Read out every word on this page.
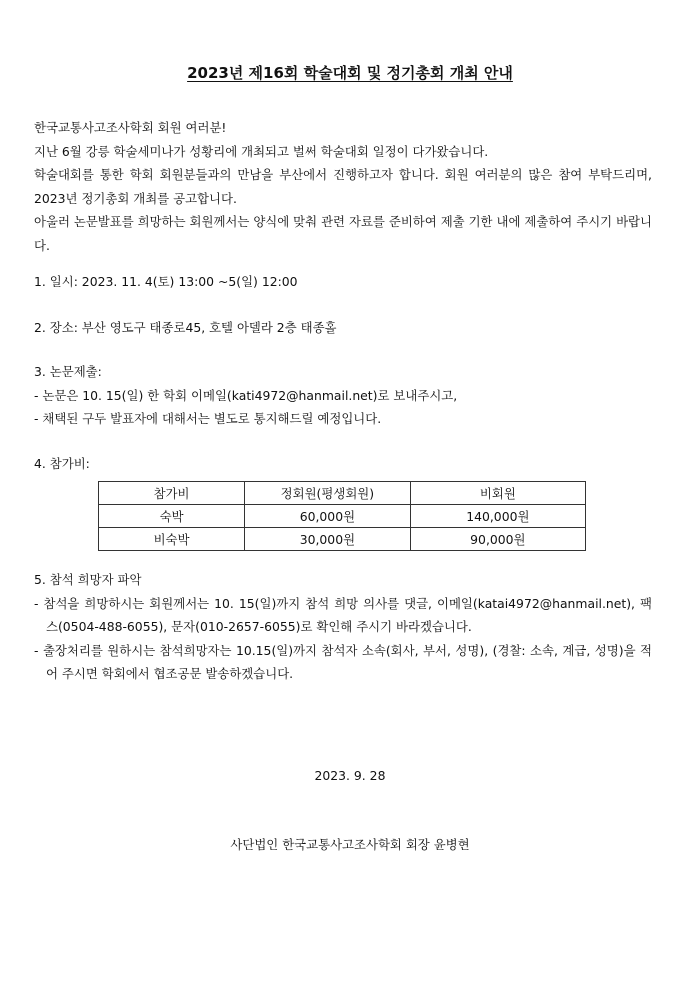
2023년 제16회 학술대회 및 정기총회 개최 안내

한국교통사고조사학회 회원 여러분!

지난 6월 강릉 학술세미나가 성황리에 개최되고 벌써 학술대회 일정이 다가왔습니다.

학술대회를 통한 학회 회원분들과의 만남을 부산에서 진행하고자 합니다. 회원 여러분의 많은 참여 부탁드리며, 2023년 정기총회 개최를 공고합니다.

아울러 논문발표를 희망하는 회원께서는 양식에 맞춰 관련 자료를 준비하여 제출 기한 내에 제출하여 주시기 바랍니다.

1. 일시: 2023. 11. 4(토) 13:00 ~5(일) 12:00

2. 장소: 부산 영도구 태종로45, 호텔 아델라 2층 태종홀

3. 논문제출:

- 논문은 10. 15(일) 한 학회 이메일(kati4972@hanmail.net)로 보내주시고,

- 채택된 구두 발표자에 대해서는 별도로 통지해드릴 예정입니다.

4. 참가비:

참가비	정회원(평생회원)	비회원
숙박	60,000원	140,000원
비숙박	30,000원	90,000원

5. 참석 희망자 파악

- 참석을 희망하시는 회원께서는 10. 15(일)까지 참석 희망 의사를 댓글, 이메일(katai4972@hanmail.net), 팩스(0504-488-6055), 문자(010-2657-6055)로 확인해 주시기 바라겠습니다.

- 출장처리를 원하시는 참석희망자는 10.15(일)까지 참석자 소속(회사, 부서, 성명), (경찰: 소속, 계급, 성명)을 적어 주시면 학회에서 협조공문 발송하겠습니다.

2023. 9. 28
사단법인 한국교통사고조사학회 회장 윤병현
